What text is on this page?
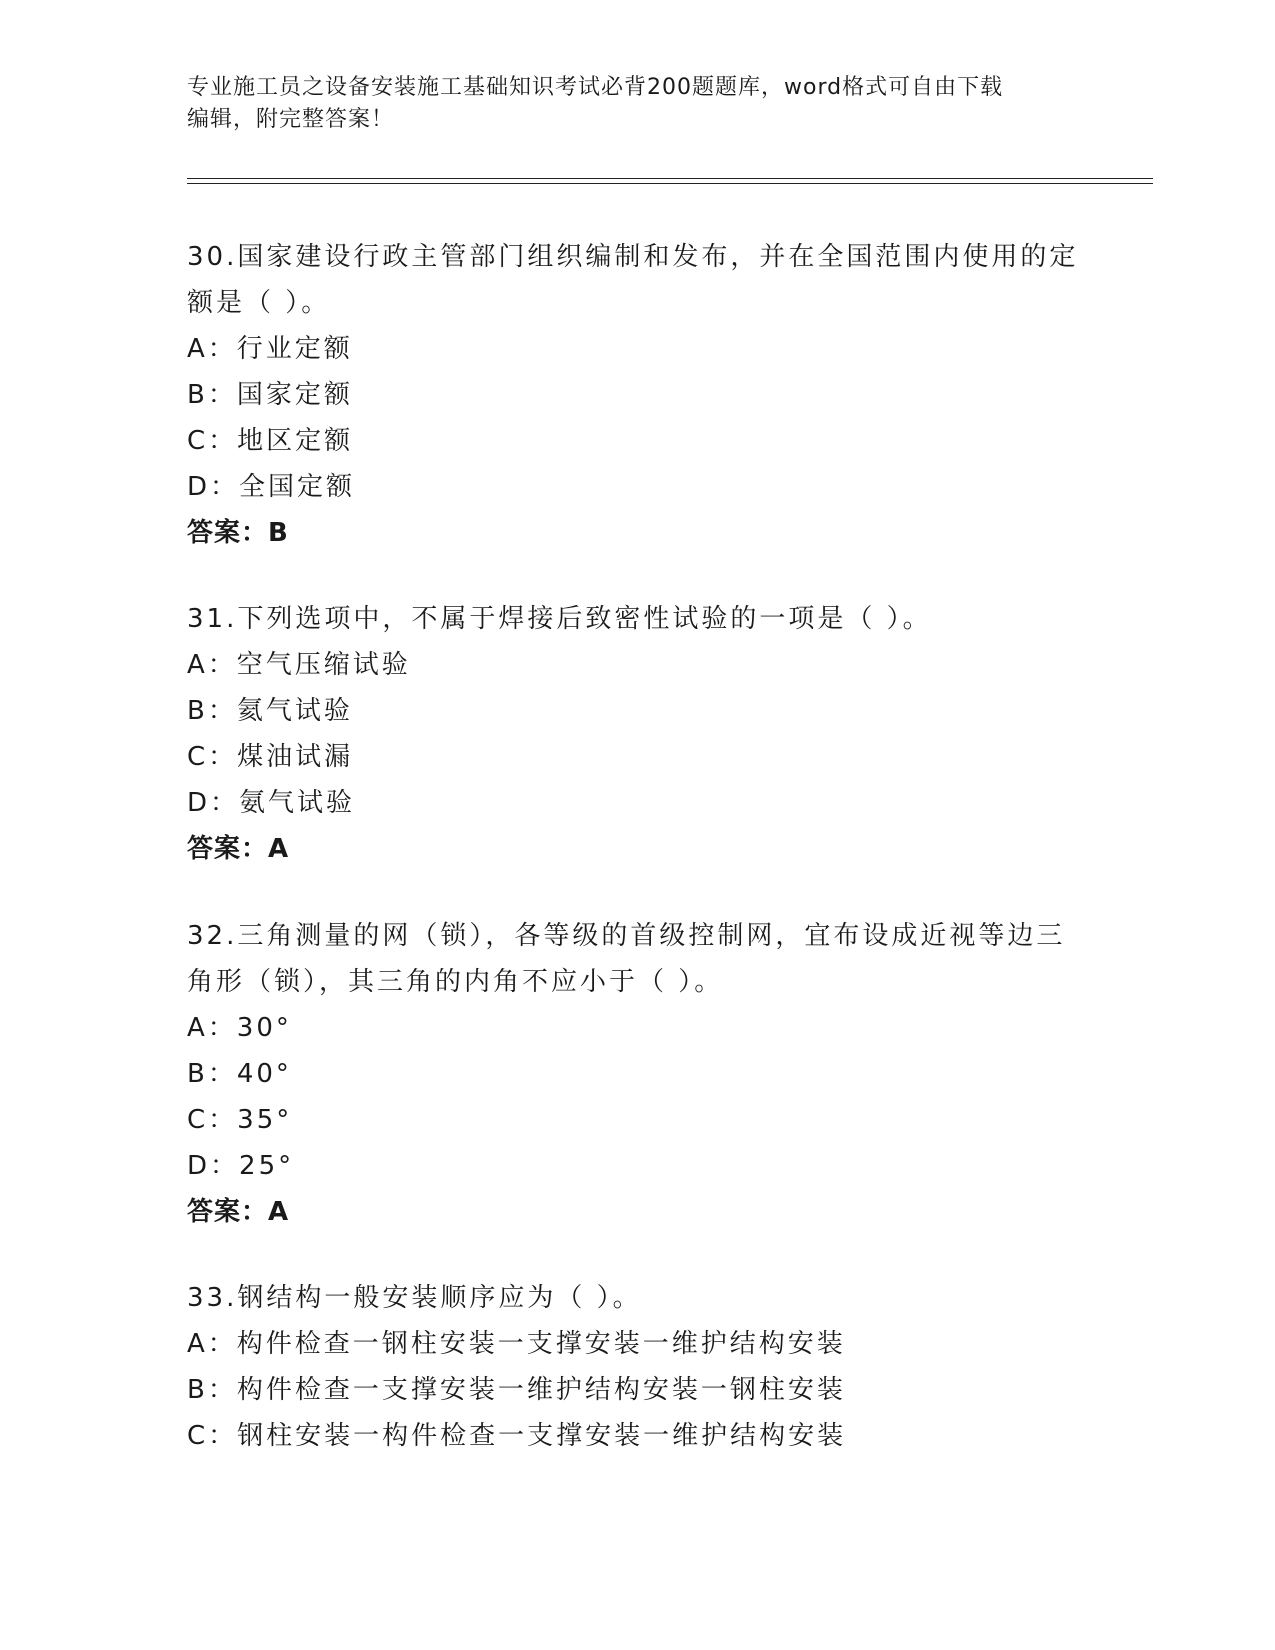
专业施工员之设备安装施工基础知识考试必背200题题库，word格式可自由下载
编辑，附完整答案！

30.国家建设行政主管部门组织编制和发布，并在全国范围内使用的定

额是（ ）。

A：行业定额

B：国家定额

C：地区定额

D：全国定额

答案：B

31.下列选项中，不属于焊接后致密性试验的一项是（ ）。

A：空气压缩试验

B：氦气试验

C：煤油试漏

D：氨气试验

答案：A

32.三角测量的网（锁），各等级的首级控制网，宜布设成近视等边三

角形（锁），其三角的内角不应小于（ ）。

A：30°

B：40°

C：35°

D：25°

答案：A

33.钢结构一般安装顺序应为（ ）。

A：构件检查一钢柱安装一支撑安装一维护结构安装

B：构件检查一支撑安装一维护结构安装一钢柱安装

C：钢柱安装一构件检查一支撑安装一维护结构安装
